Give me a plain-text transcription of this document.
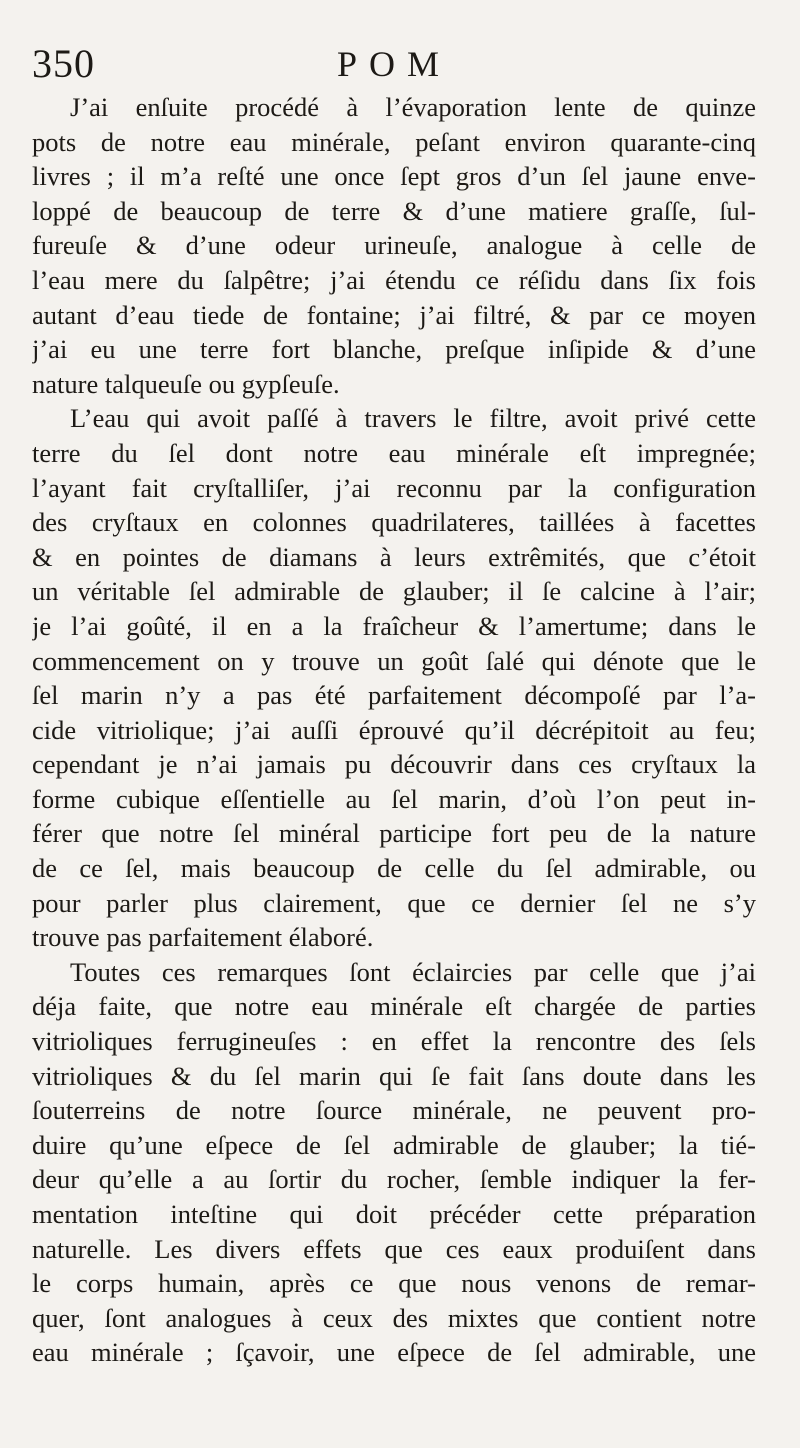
350	POM
J’ai enſuite procédé à l’évaporation lente de quinze
pots de notre eau minérale, peſant environ quarante-cinq
livres ; il m’a reſté une once ſept gros d’un ſel jaune enve-
loppé de beaucoup de terre & d’une matiere graſſe, ſul-
fureuſe & d’une odeur urineuſe, analogue à celle de
l’eau mere du ſalpêtre; j’ai étendu ce réſidu dans ſix fois
autant d’eau tiede de fontaine; j’ai filtré, & par ce moyen
j’ai eu une terre fort blanche, preſque inſipide & d’une
nature talqueuſe ou gypſeuſe.
L’eau qui avoit paſſé à travers le filtre, avoit privé cette
terre du ſel dont notre eau minérale eſt impregnée;
l’ayant fait cryſtalliſer, j’ai reconnu par la configuration
des cryſtaux en colonnes quadrilateres, taillées à facettes
& en pointes de diamans à leurs extrêmités, que c’étoit
un véritable ſel admirable de glauber; il ſe calcine à l’air;
je l’ai goûté, il en a la fraîcheur & l’amertume; dans le
commencement on y trouve un goût ſalé qui dénote que le
ſel marin n’y a pas été parfaitement décompoſé par l’a-
cide vitriolique; j’ai auſſi éprouvé qu’il décrépitoit au feu;
cependant je n’ai jamais pu découvrir dans ces cryſtaux la
forme cubique eſſentielle au ſel marin, d’où l’on peut in-
férer que notre ſel minéral participe fort peu de la nature
de ce ſel, mais beaucoup de celle du ſel admirable, ou
pour parler plus clairement, que ce dernier ſel ne s’y
trouve pas parfaitement élaboré.
Toutes ces remarques ſont éclaircies par celle que j’ai
déja faite, que notre eau minérale eſt chargée de parties
vitrioliques ferrugineuſes : en effet la rencontre des ſels
vitrioliques & du ſel marin qui ſe fait ſans doute dans les
ſouterreins de notre ſource minérale, ne peuvent pro-
duire qu’une eſpece de ſel admirable de glauber; la tié-
deur qu’elle a au ſortir du rocher, ſemble indiquer la fer-
mentation inteſtine qui doit précéder cette préparation
naturelle. Les divers effets que ces eaux produiſent dans
le corps humain, après ce que nous venons de remar-
quer, ſont analogues à ceux des mixtes que contient notre
eau minérale ; ſçavoir, une eſpece de ſel admirable, une
